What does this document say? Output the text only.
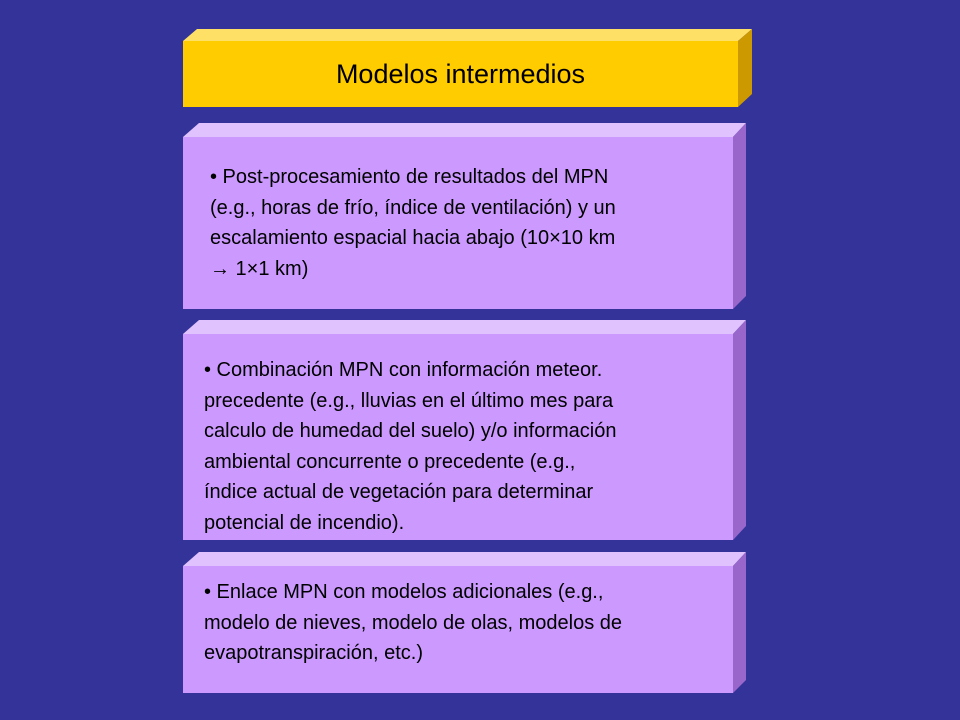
Modelos intermedios
• Post-procesamiento de resultados del MPN
(e.g., horas de frío, índice de ventilación) y un
escalamiento espacial hacia abajo (10×10 km
→ 1×1 km)
• Combinación MPN con información meteor.
precedente (e.g., lluvias en el último mes para
calculo de humedad del suelo) y/o información
ambiental concurrente o precedente (e.g.,
índice actual de vegetación para determinar
potencial de incendio).
• Enlace MPN con modelos adicionales (e.g.,
modelo de nieves, modelo de olas, modelos de
evapotranspiración, etc.)
